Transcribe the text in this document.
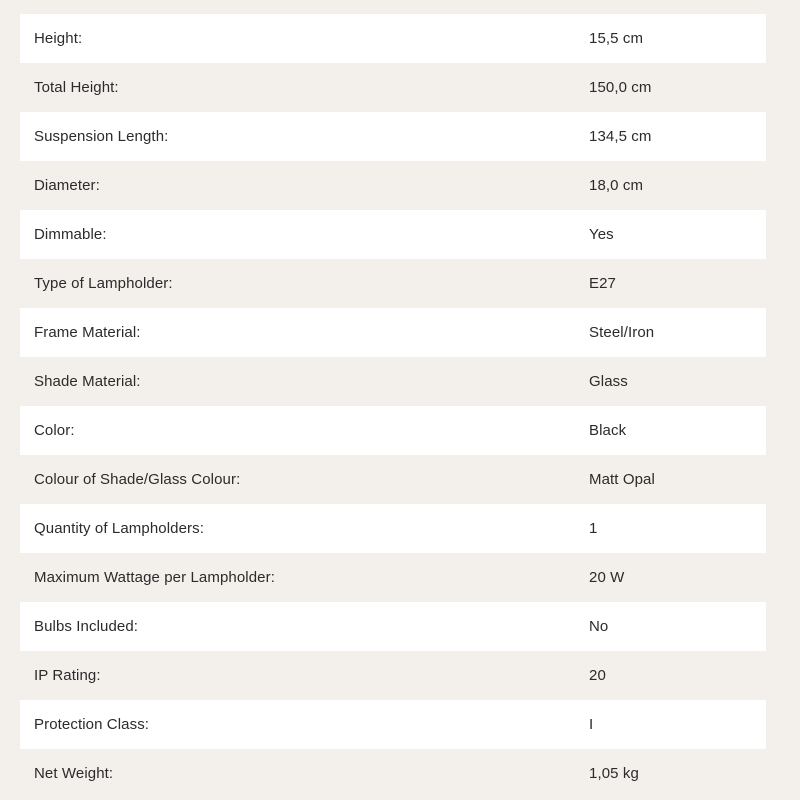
Height:	15,5 cm
Total Height:	150,0 cm
Suspension Length:	134,5 cm
Diameter:	18,0 cm
Dimmable:	Yes
Type of Lampholder:	E27
Frame Material:	Steel/Iron
Shade Material:	Glass
Color:	Black
Colour of Shade/Glass Colour:	Matt Opal
Quantity of Lampholders:	1
Maximum Wattage per Lampholder:	20 W
Bulbs Included:	No
IP Rating:	20
Protection Class:	I
Net Weight:	1,05 kg
